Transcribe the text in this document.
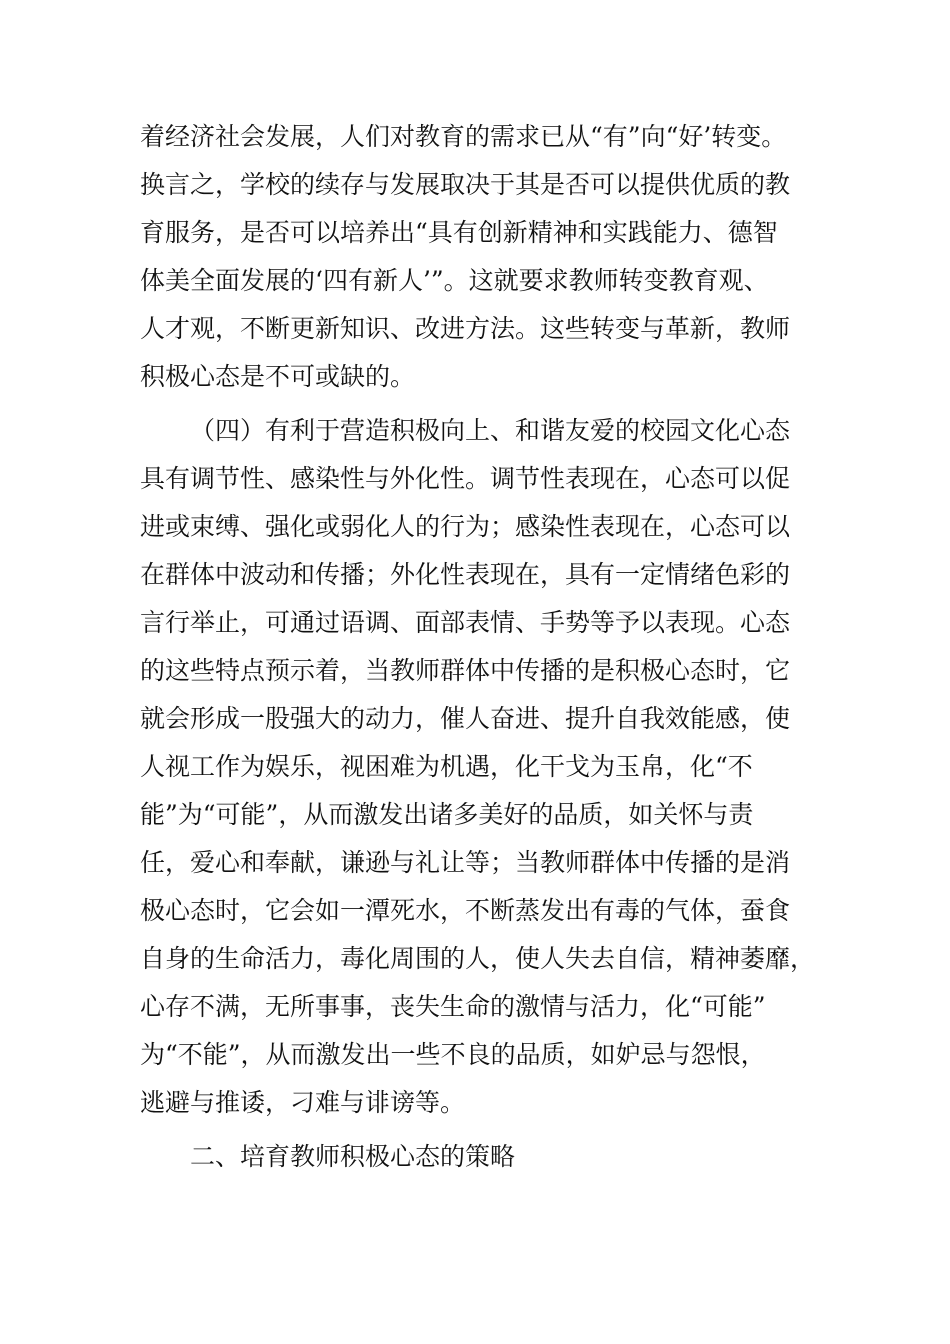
着经济社会发展，人们对教育的需求已从“有”向“好’转变。
换言之，学校的续存与发展取决于其是否可以提供优质的教
育服务，是否可以培养出“具有创新精神和实践能力、德智
体美全面发展的‘四有新人’”。这就要求教师转变教育观、
人才观，不断更新知识、改进方法。这些转变与革新，教师
积极心态是不可或缺的。
（四）有利于营造积极向上、和谐友爱的校园文化心态
具有调节性、感染性与外化性。调节性表现在，心态可以促
进或束缚、强化或弱化人的行为；感染性表现在，心态可以
在群体中波动和传播；外化性表现在，具有一定情绪色彩的
言行举止，可通过语调、面部表情、手势等予以表现。心态
的这些特点预示着，当教师群体中传播的是积极心态时，它
就会形成一股强大的动力，催人奋进、提升自我效能感，使
人视工作为娱乐，视困难为机遇，化干戈为玉帛，化“不
能”为“可能”，从而激发出诸多美好的品质，如关怀与责
任，爱心和奉献，谦逊与礼让等；当教师群体中传播的是消
极心态时，它会如一潭死水，不断蒸发出有毒的气体，蚕食
自身的生命活力，毒化周围的人，使人失去自信，精神萎靡，
心存不满，无所事事，丧失生命的激情与活力，化“可能”
为“不能”，从而激发出一些不良的品质，如妒忌与怨恨，
逃避与推诿，刁难与诽谤等。
二、培育教师积极心态的策略
